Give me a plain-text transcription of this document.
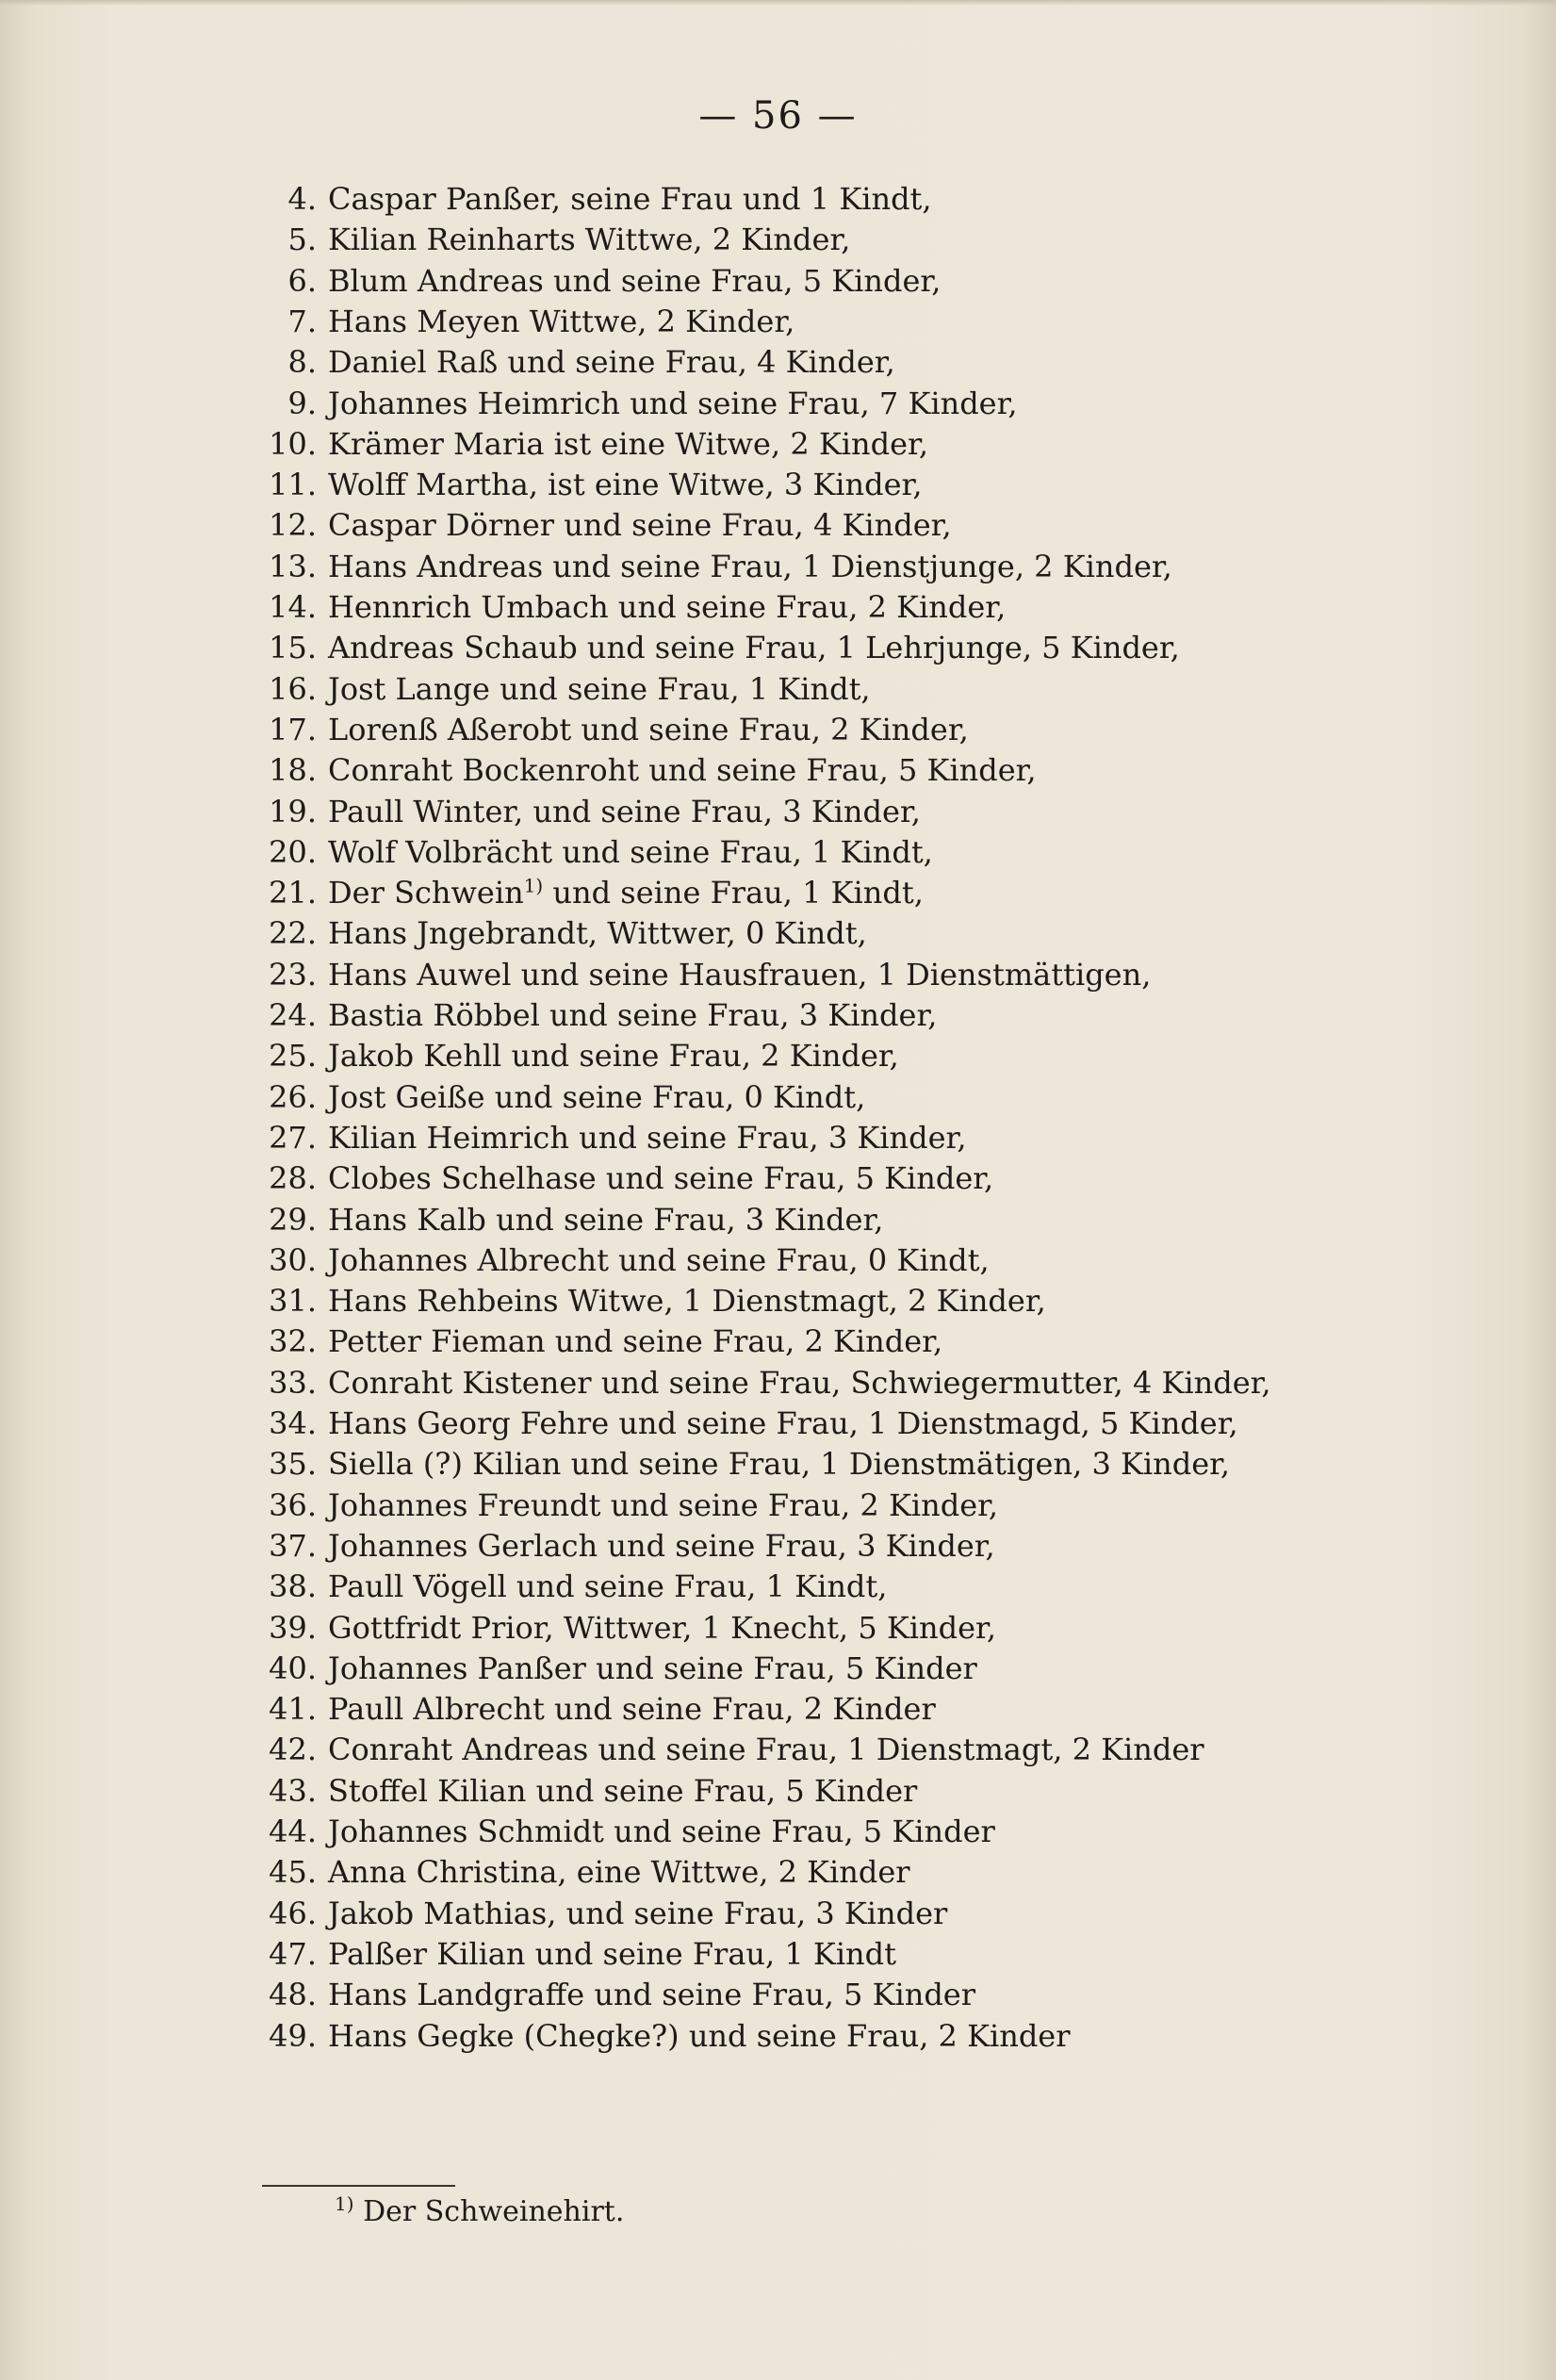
— 56 —
4. Caspar Panßer, seine Frau und 1 Kindt,
5. Kilian Reinharts Wittwe, 2 Kinder,
6. Blum Andreas und seine Frau, 5 Kinder,
7. Hans Meyen Wittwe, 2 Kinder,
8. Daniel Raß und seine Frau, 4 Kinder,
9. Johannes Heimrich und seine Frau, 7 Kinder,
10. Krämer Maria ist eine Witwe, 2 Kinder,
11. Wolff Martha, ist eine Witwe, 3 Kinder,
12. Caspar Dörner und seine Frau, 4 Kinder,
13. Hans Andreas und seine Frau, 1 Dienstjunge, 2 Kinder,
14. Hennrich Umbach und seine Frau, 2 Kinder,
15. Andreas Schaub und seine Frau, 1 Lehrjunge, 5 Kinder,
16. Jost Lange und seine Frau, 1 Kindt,
17. Lorenß Aßerobt und seine Frau, 2 Kinder,
18. Conraht Bockenroht und seine Frau, 5 Kinder,
19. Paull Winter, und seine Frau, 3 Kinder,
20. Wolf Volbrächt und seine Frau, 1 Kindt,
21. Der Schwein$^{1)}$ und seine Frau, 1 Kindt,
22. Hans Jngebrandt, Wittwer, 0 Kindt,
23. Hans Auwel und seine Hausfrauen, 1 Dienstmättigen,
24. Bastia Röbbel und seine Frau, 3 Kinder,
25. Jakob Kehll und seine Frau, 2 Kinder,
26. Jost Geiße und seine Frau, 0 Kindt,
27. Kilian Heimrich und seine Frau, 3 Kinder,
28. Clobes Schelhase und seine Frau, 5 Kinder,
29. Hans Kalb und seine Frau, 3 Kinder,
30. Johannes Albrecht und seine Frau, 0 Kindt,
31. Hans Rehbeins Witwe, 1 Dienstmagt, 2 Kinder,
32. Petter Fieman und seine Frau, 2 Kinder,
33. Conraht Kistener und seine Frau, Schwiegermutter, 4 Kinder,
34. Hans Georg Fehre und seine Frau, 1 Dienstmagd, 5 Kinder,
35. Siella (?) Kilian und seine Frau, 1 Dienstmätigen, 3 Kinder,
36. Johannes Freundt und seine Frau, 2 Kinder,
37. Johannes Gerlach und seine Frau, 3 Kinder,
38. Paull Vögell und seine Frau, 1 Kindt,
39. Gottfridt Prior, Wittwer, 1 Knecht, 5 Kinder,
40. Johannes Panßer und seine Frau, 5 Kinder
41. Paull Albrecht und seine Frau, 2 Kinder
42. Conraht Andreas und seine Frau, 1 Dienstmagt, 2 Kinder
43. Stoffel Kilian und seine Frau, 5 Kinder
44. Johannes Schmidt und seine Frau, 5 Kinder
45. Anna Christina, eine Wittwe, 2 Kinder
46. Jakob Mathias, und seine Frau, 3 Kinder
47. Palßer Kilian und seine Frau, 1 Kindt
48. Hans Landgraffe und seine Frau, 5 Kinder
49. Hans Gegke (Chegke?) und seine Frau, 2 Kinder
$^{1)}$ Der Schweinehirt.
